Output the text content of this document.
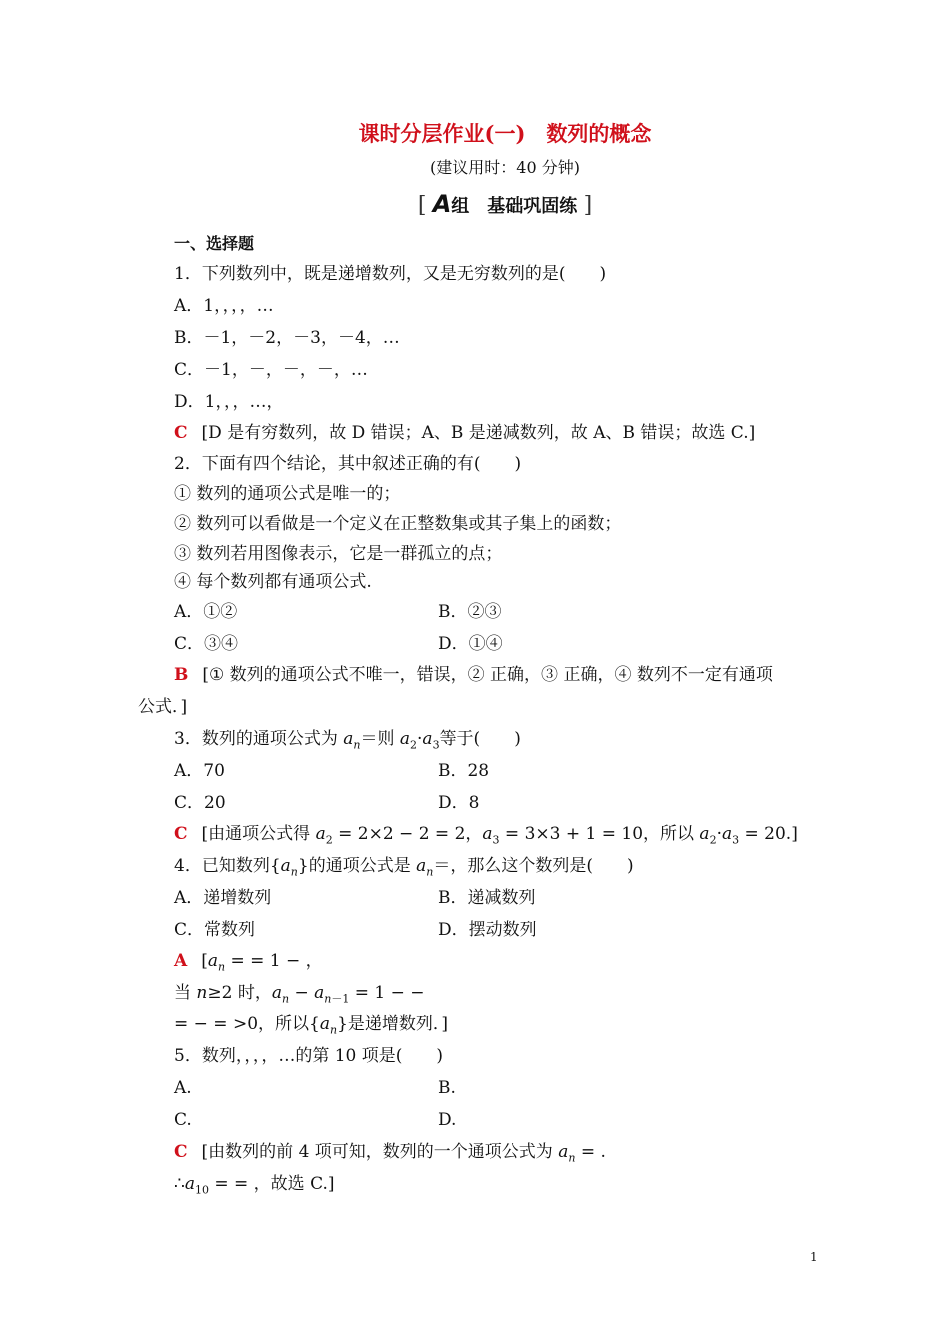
课时分层作业(一)　数列的概念
(建议用时：40 分钟)
[ A组　基础巩固练 ]
一、选择题
1．下列数列中，既是递增数列，又是无穷数列的是(　　)
A．1，，，，…
B．－1，－2，－3，－4，…
C．－1，－，－，－，…
D．1，，，…，
C [D 是有穷数列，故 D 错误；A、B 是递减数列，故 A、B 错误；故选 C.]
2．下面有四个结论，其中叙述正确的有(　　)
① 数列的通项公式是唯一的；
② 数列可以看做是一个定义在正整数集或其子集上的函数；
③ 数列若用图像表示，它是一群孤立的点；
④ 每个数列都有通项公式.
A．①②	B．②③
C．③④	D．①④
B [① 数列的通项公式不唯一，错误，② 正确，③ 正确，④ 数列不一定有通项
公式．]
3．数列的通项公式为 $a_n=$则 $a_2\cdot a_3$等于(　　)
A．70	B．28
C．20	D．8
C [由通项公式得 $a_2 = 2\times 2 - 2 = 2$，$a_3 = 3\times 3 + 1 = 10$，所以 $a_2\cdot a_3 = 20$.]
4．已知数列$\{a_n\}$的通项公式是 $a_n=$，那么这个数列是(　　)
A．递增数列	B．递减数列
C．常数列	D．摆动数列
A [$a_n$ = = 1 − ，
当 n≥2 时，$a_n - a_{n-1} = 1$ − −
= − = >0，所以$\{a_n\}$是递增数列．]
5．数列，，，，…的第 10 项是(　　)
A.	B.
C.	D.
C [由数列的前 4 项可知，数列的一个通项公式为 $a_n$ = .
$\therefore a_{10}$ = = ，故选 C.]
1
